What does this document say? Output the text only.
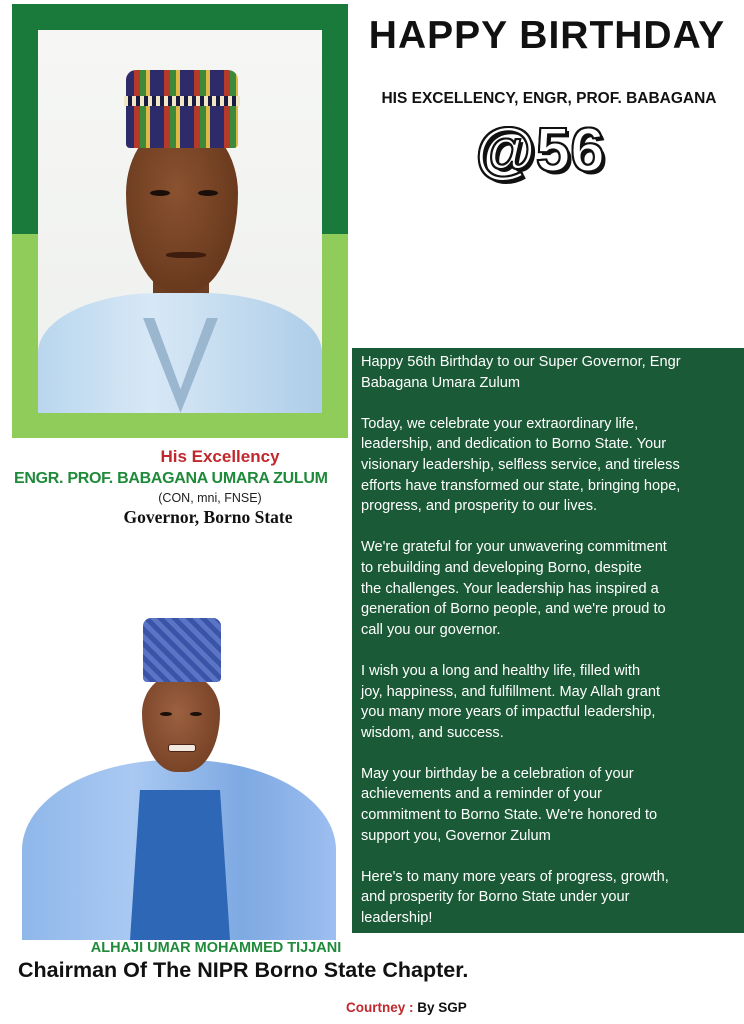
HAPPY BIRTHDAY
HIS EXCELLENCY, ENGR, PROF. BABAGANA
@56
His Excellency
ENGR. PROF. BABAGANA UMARA ZULUM
(CON, mni, FNSE)
Governor, Borno State

Happy 56th Birthday to our Super Governor, Engr
Babagana Umara Zulum

Today, we celebrate your extraordinary life,
leadership, and dedication to Borno State. Your
visionary leadership, selfless service, and tireless
efforts have transformed our state, bringing hope,
progress, and prosperity to our lives.

We're grateful for your unwavering commitment
to rebuilding and developing Borno, despite
the challenges. Your leadership has inspired a
generation of Borno people, and we're proud to
call you our governor.

I wish you a long and healthy life, filled with
joy, happiness, and fulfillment. May Allah grant
you many more years of impactful leadership,
wisdom, and success.

May your birthday be a celebration of your
achievements and a reminder of your
commitment to Borno State. We're honored to
support you, Governor Zulum

Here's to many more years of progress, growth,
and prosperity for Borno State under your
leadership!

ALHAJI UMAR MOHAMMED TIJJANI
Chairman Of The NIPR Borno State Chapter.
Courtney : By SGP
